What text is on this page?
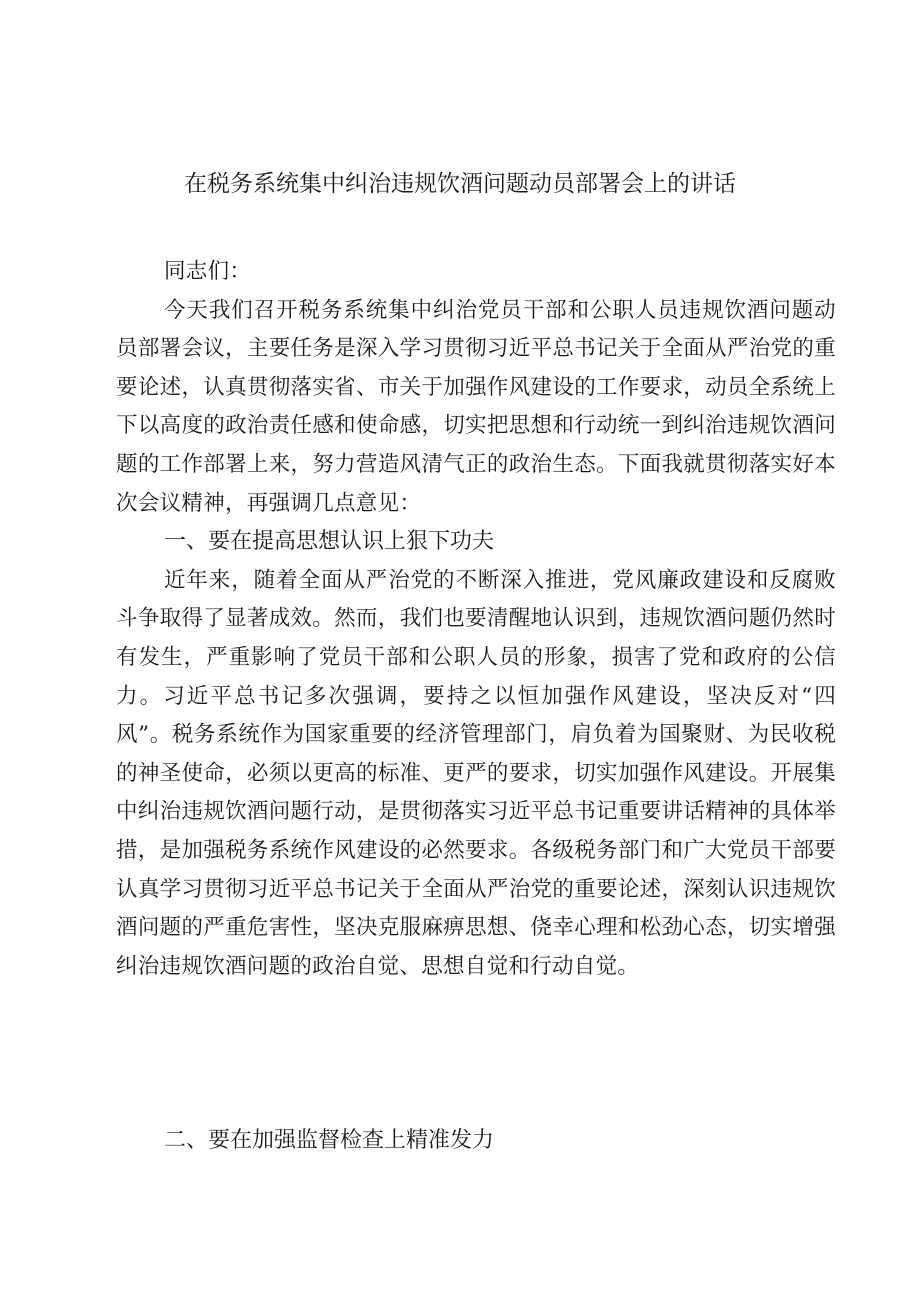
在税务系统集中纠治违规饮酒问题动员部署会上的讲话

同志们：

今天我们召开税务系统集中纠治党员干部和公职人员违规饮酒问题动员部署会议，主要任务是深入学习贯彻习近平总书记关于全面从严治党的重要论述，认真贯彻落实省、市关于加强作风建设的工作要求，动员全系统上下以高度的政治责任感和使命感，切实把思想和行动统一到纠治违规饮酒问题的工作部署上来，努力营造风清气正的政治生态。下面我就贯彻落实好本次会议精神，再强调几点意见：

一、要在提高思想认识上狠下功夫

近年来，随着全面从严治党的不断深入推进，党风廉政建设和反腐败斗争取得了显著成效。然而，我们也要清醒地认识到，违规饮酒问题仍然时有发生，严重影响了党员干部和公职人员的形象，损害了党和政府的公信力。习近平总书记多次强调，要持之以恒加强作风建设，坚决反对“四风”。税务系统作为国家重要的经济管理部门，肩负着为国聚财、为民收税的神圣使命，必须以更高的标准、更严的要求，切实加强作风建设。开展集中纠治违规饮酒问题行动，是贯彻落实习近平总书记重要讲话精神的具体举措，是加强税务系统作风建设的必然要求。各级税务部门和广大党员干部要认真学习贯彻习近平总书记关于全面从严治党的重要论述，深刻认识违规饮酒问题的严重危害性，坚决克服麻痹思想、侥幸心理和松劲心态，切实增强纠治违规饮酒问题的政治自觉、思想自觉和行动自觉。

二、要在加强监督检查上精准发力
